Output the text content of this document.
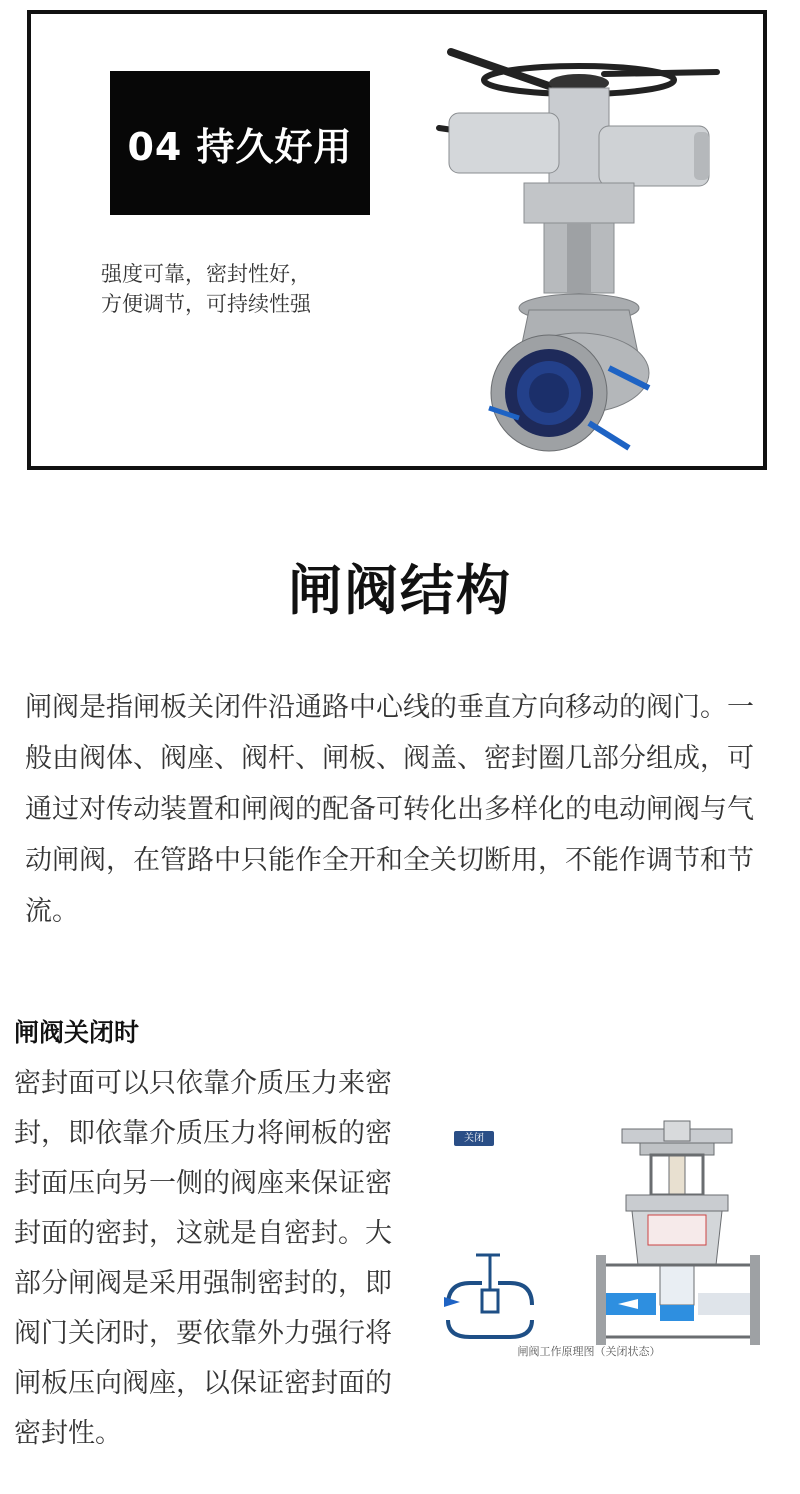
04 持久好用
强度可靠，密封性好，
方便调节，可持续性强
闸阀结构
闸阀是指闸板关闭件沿通路中心线的垂直方向移动的阀门。一般由阀体、阀座、阀杆、闸板、阀盖、密封圈几部分组成，可通过对传动装置和闸阀的配备可转化出多样化的电动闸阀与气动闸阀，在管路中只能作全开和全关切断用，不能作调节和节流。
闸阀关闭时
密封面可以只依靠介质压力来密封，即依靠介质压力将闸板的密封面压向另一侧的阀座来保证密封面的密封，这就是自密封。大部分闸阀是采用强制密封的，即阀门关闭时，要依靠外力强行将闸板压向阀座，以保证密封面的密封性。
关闭
闸阀工作原理图（关闭状态）
